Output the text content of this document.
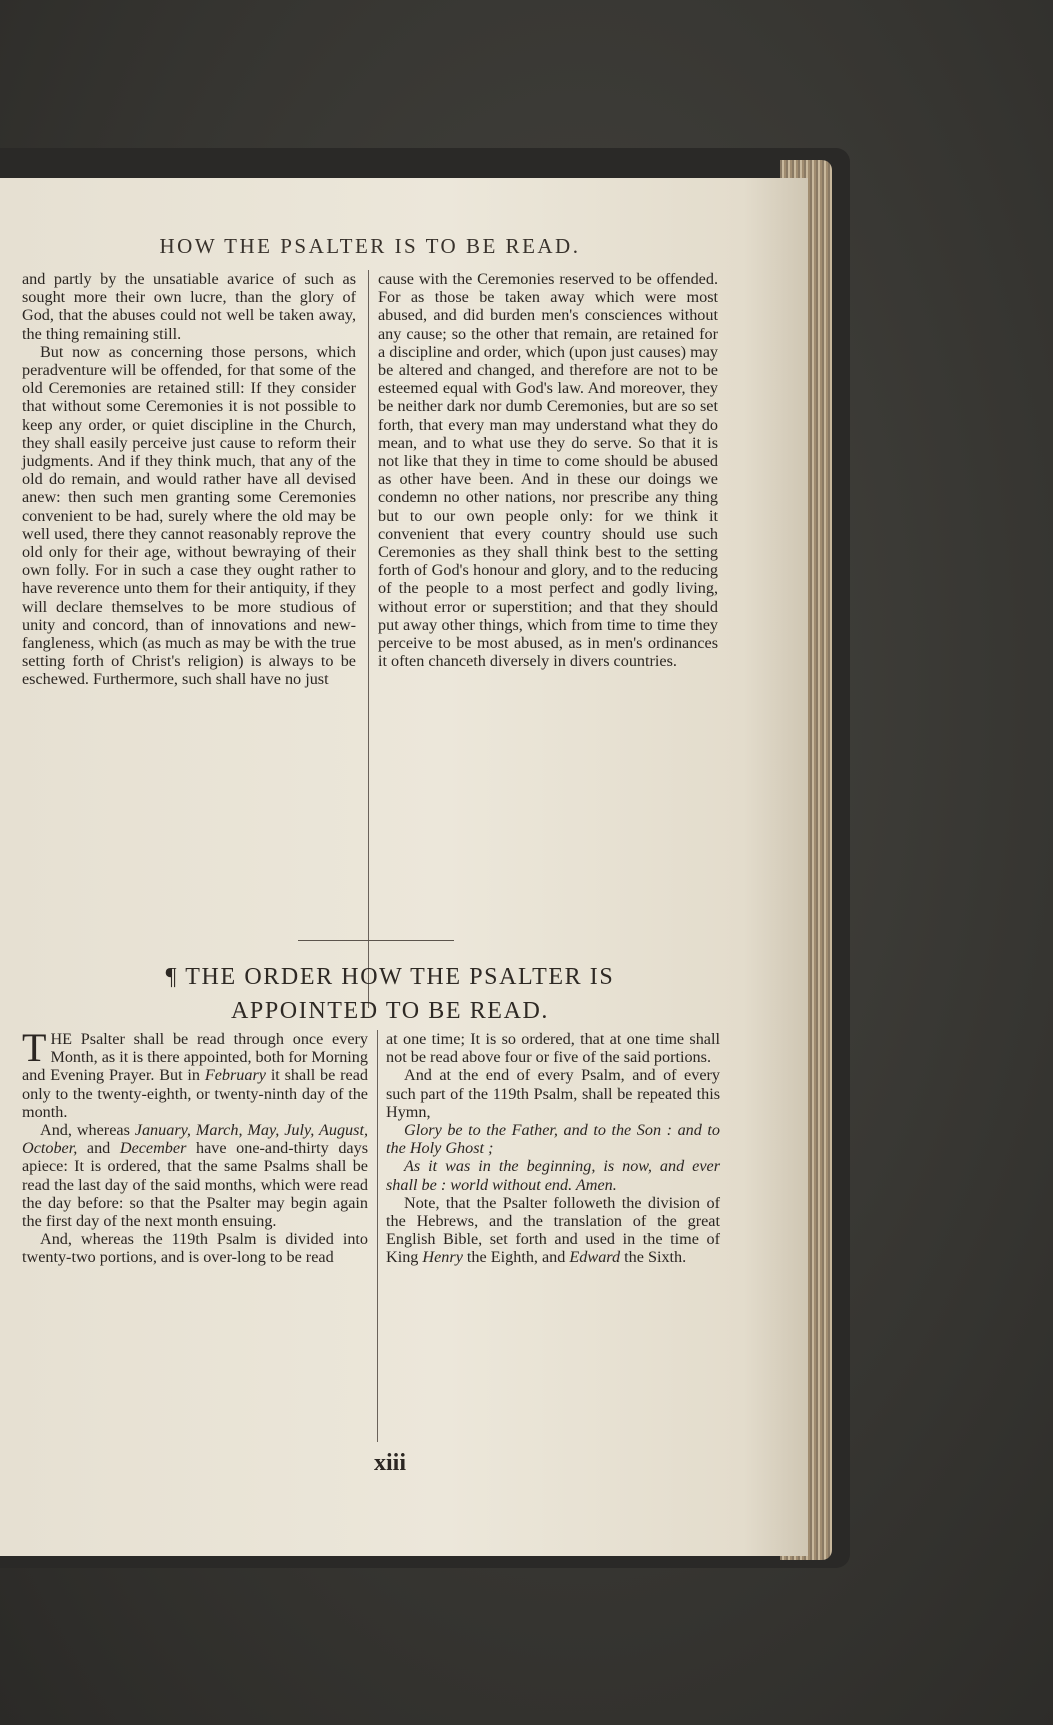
HOW THE PSALTER IS TO BE READ.

and partly by the unsatiable avarice of such as sought more their own lucre, than the glory of God, that the abuses could not well be taken away, the thing remaining still.

But now as concerning those persons, which peradventure will be offended, for that some of the old Ceremonies are retained still: If they consider that without some Ceremonies it is not possible to keep any order, or quiet discipline in the Church, they shall easily perceive just cause to reform their judgments. And if they think much, that any of the old do remain, and would rather have all devised anew: then such men granting some Ceremonies convenient to be had, surely where the old may be well used, there they cannot reasonably reprove the old only for their age, without bewraying of their own folly. For in such a case they ought rather to have reverence unto them for their antiquity, if they will declare themselves to be more studious of unity and concord, than of innovations and new-fangleness, which (as much as may be with the true setting forth of Christ's religion) is always to be eschewed. Furthermore, such shall have no just

cause with the Ceremonies reserved to be offended. For as those be taken away which were most abused, and did burden men's consciences without any cause; so the other that remain, are retained for a discipline and order, which (upon just causes) may be altered and changed, and therefore are not to be esteemed equal with God's law. And moreover, they be neither dark nor dumb Ceremonies, but are so set forth, that every man may understand what they do mean, and to what use they do serve. So that it is not like that they in time to come should be abused as other have been. And in these our doings we condemn no other nations, nor prescribe any thing but to our own people only: for we think it convenient that every country should use such Ceremonies as they shall think best to the setting forth of God's honour and glory, and to the reducing of the people to a most perfect and godly living, without error or superstition; and that they should put away other things, which from time to time they perceive to be most abused, as in men's ordinances it often chanceth diversely in divers countries.

¶ THE ORDER HOW THE PSALTER IS
APPOINTED TO BE READ.

THE Psalter shall be read through once every Month, as it is there appointed, both for Morning and Evening Prayer. But in February it shall be read only to the twenty-eighth, or twenty-ninth day of the month.

And, whereas January, March, May, July, August, October, and December have one-and-thirty days apiece: It is ordered, that the same Psalms shall be read the last day of the said months, which were read the day before: so that the Psalter may begin again the first day of the next month ensuing.

And, whereas the 119th Psalm is divided into twenty-two portions, and is over-long to be read

at one time; It is so ordered, that at one time shall not be read above four or five of the said portions.

And at the end of every Psalm, and of every such part of the 119th Psalm, shall be repeated this Hymn,

Glory be to the Father, and to the Son : and to the Holy Ghost ;

As it was in the beginning, is now, and ever shall be : world without end. Amen.

Note, that the Psalter followeth the division of the Hebrews, and the translation of the great English Bible, set forth and used in the time of King Henry the Eighth, and Edward the Sixth.

xiii
